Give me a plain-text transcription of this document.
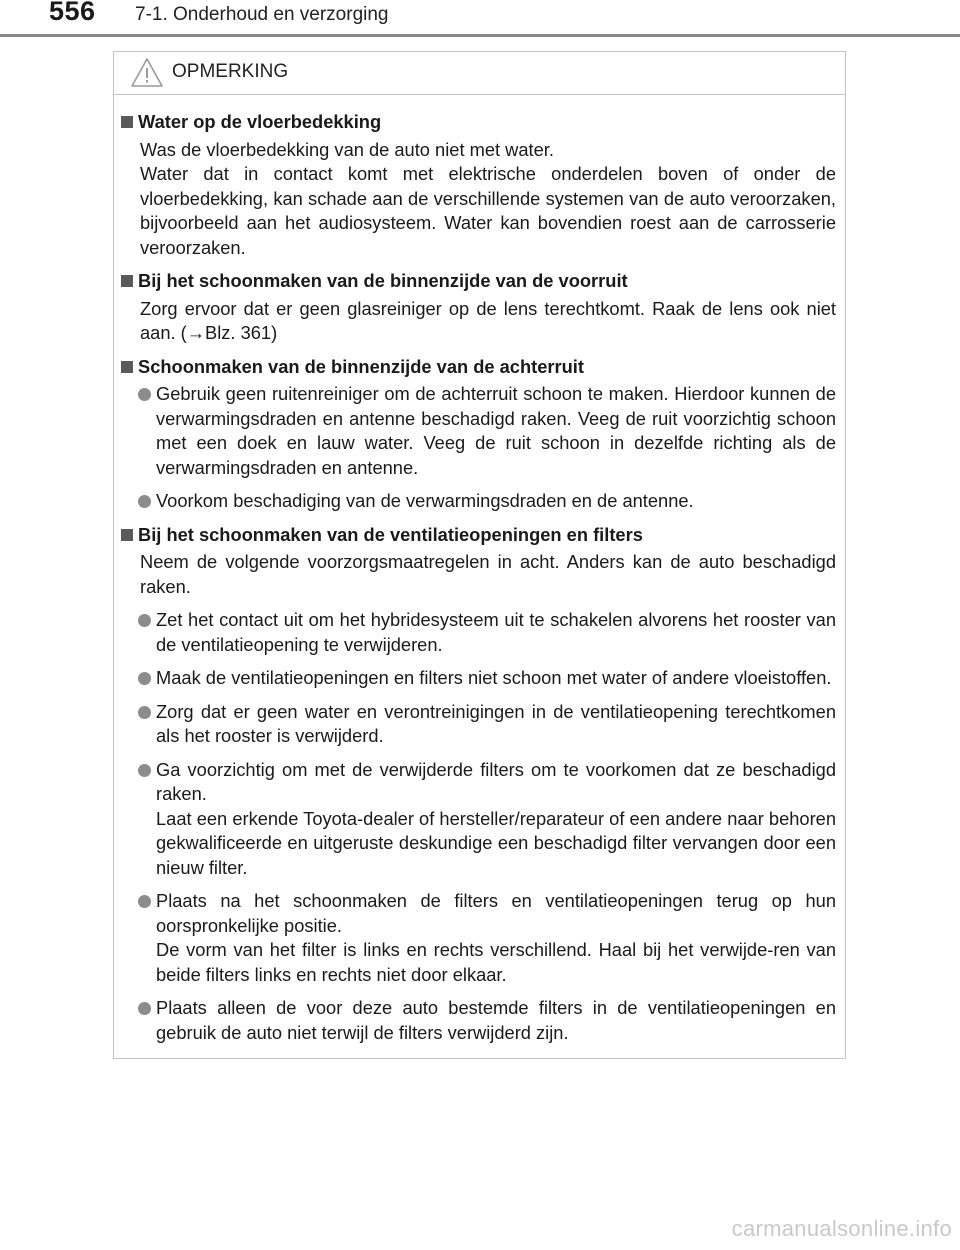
556 7-1. Onderhoud en verzorging
OPMERKING
Water op de vloerbedekking
Was de vloerbedekking van de auto niet met water.
Water dat in contact komt met elektrische onderdelen boven of onder de vloerbedekking, kan schade aan de verschillende systemen van de auto veroorzaken, bijvoorbeeld aan het audiosysteem. Water kan bovendien roest aan de carrosserie veroorzaken.
Bij het schoonmaken van de binnenzijde van de voorruit
Zorg ervoor dat er geen glasreiniger op de lens terechtkomt. Raak de lens ook niet aan. (→Blz. 361)
Schoonmaken van de binnenzijde van de achterruit
Gebruik geen ruitenreiniger om de achterruit schoon te maken. Hierdoor kunnen de verwarmingsdraden en antenne beschadigd raken. Veeg de ruit voorzichtig schoon met een doek en lauw water. Veeg de ruit schoon in dezelfde richting als de verwarmingsdraden en antenne.
Voorkom beschadiging van de verwarmingsdraden en de antenne.
Bij het schoonmaken van de ventilatieopeningen en filters
Neem de volgende voorzorgsmaatregelen in acht. Anders kan de auto beschadigd raken.
Zet het contact uit om het hybridesysteem uit te schakelen alvorens het rooster van de ventilatieopening te verwijderen.
Maak de ventilatieopeningen en filters niet schoon met water of andere vloeistoffen.
Zorg dat er geen water en verontreinigingen in de ventilatieopening terechtkomen als het rooster is verwijderd.
Ga voorzichtig om met de verwijderde filters om te voorkomen dat ze beschadigd raken.
Laat een erkende Toyota-dealer of hersteller/reparateur of een andere naar behoren gekwalificeerde en uitgeruste deskundige een beschadigd filter vervangen door een nieuw filter.
Plaats na het schoonmaken de filters en ventilatieopeningen terug op hun oorspronkelijke positie.
De vorm van het filter is links en rechts verschillend. Haal bij het verwijde-ren van beide filters links en rechts niet door elkaar.
Plaats alleen de voor deze auto bestemde filters in de ventilatieopeningen en gebruik de auto niet terwijl de filters verwijderd zijn.
carmanualsonline.info
